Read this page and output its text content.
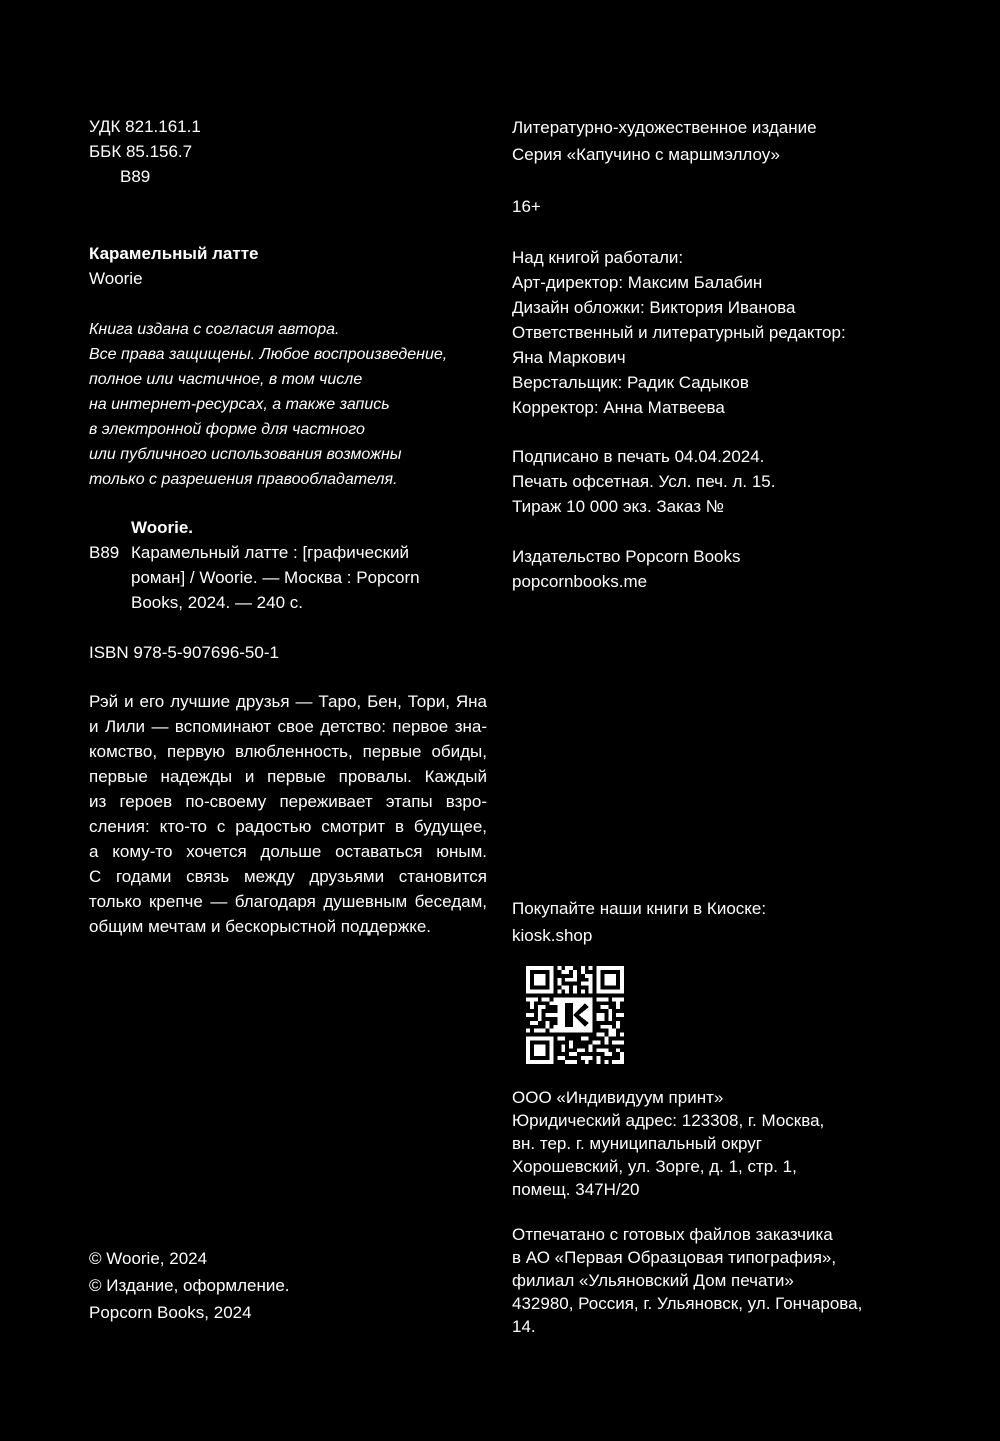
УДК 821.161.1
ББК 85.156.7
В89
Карамельный латте
Woorie
Книга издана с согласия автора.
Все права защищены. Любое воспроизведение,
полное или частичное, в том числе
на интернет-ресурсах, а также запись
в электронной форме для частного
или публичного использования возможны
только с разрешения правообладателя.
Woorie.
В89 Карамельный латте : [графический
роман] / Woorie. — Москва : Popcorn
Books, 2024. — 240 с.
ISBN 978-5-907696-50-1
Рэй и его лучшие друзья — Таро, Бен, Тори, Яна
и Лили — вспоминают свое детство: первое зна-
комство, первую влюбленность, первые обиды,
первые надежды и первые провалы. Каждый
из героев по-своему переживает этапы взро-
сления: кто-то с радостью смотрит в будущее,
а кому-то хочется дольше оставаться юным.
С годами связь между друзьями становится
только крепче — благодаря душевным беседам,
общим мечтам и бескорыстной поддержке.
© Woorie, 2024
© Издание, оформление.
Popcorn Books, 2024
Литературно-художественное издание
Серия «Капучино с маршмэллоу»
16+
Над книгой работали:
Арт-директор: Максим Балабин
Дизайн обложки: Виктория Иванова
Ответственный и литературный редактор:
Яна Маркович
Верстальщик: Радик Садыков
Корректор: Анна Матвеева
Подписано в печать 04.04.2024.
Печать офсетная. Усл. печ. л. 15.
Тираж 10 000 экз. Заказ №
Издательство Popcorn Books
popcornbooks.me
Покупайте наши книги в Киоске:
kiosk.shop
ООО «Индивидуум принт»
Юридический адрес: 123308, г. Москва,
вн. тер. г. муниципальный округ
Хорошевский, ул. Зорге, д. 1, стр. 1,
помещ. 347Н/20
Отпечатано с готовых файлов заказчика
в АО «Первая Образцовая типография»,
филиал «Ульяновский Дом печати»
432980, Россия, г. Ульяновск, ул. Гончарова,
14.
